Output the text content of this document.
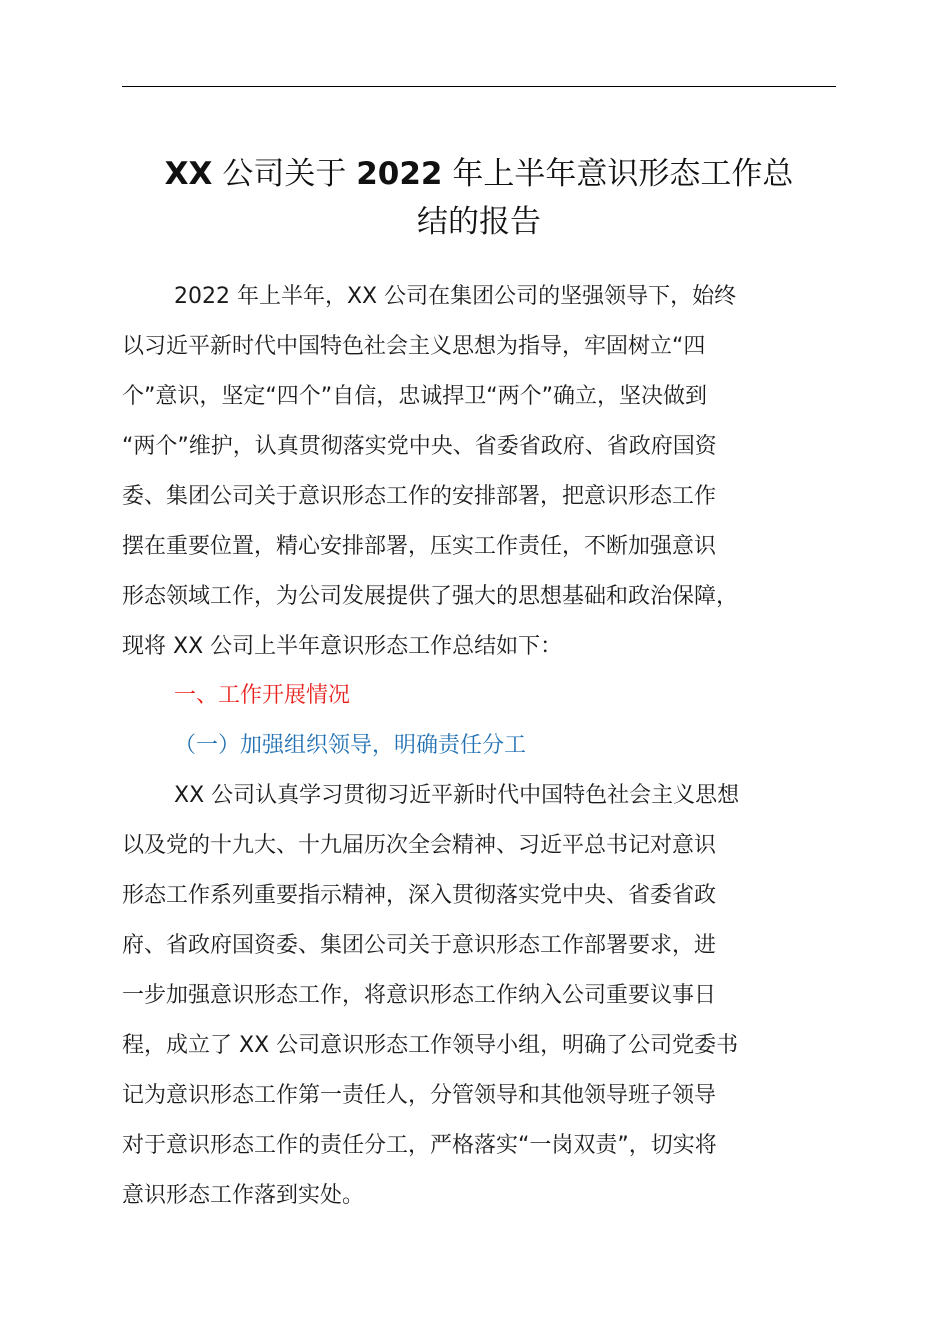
XX 公司关于 2022 年上半年意识形态工作总
结的报告
2022 年上半年，XX 公司在集团公司的坚强领导下，始终
以习近平新时代中国特色社会主义思想为指导，牢固树立“四
个”意识，坚定“四个”自信，忠诚捍卫“两个”确立，坚决做到
“两个”维护，认真贯彻落实党中央、省委省政府、省政府国资
委、集团公司关于意识形态工作的安排部署，把意识形态工作
摆在重要位置，精心安排部署，压实工作责任，不断加强意识
形态领域工作，为公司发展提供了强大的思想基础和政治保障，
现将 XX 公司上半年意识形态工作总结如下：
一、工作开展情况
（一）加强组织领导，明确责任分工
XX 公司认真学习贯彻习近平新时代中国特色社会主义思想
以及党的十九大、十九届历次全会精神、习近平总书记对意识
形态工作系列重要指示精神，深入贯彻落实党中央、省委省政
府、省政府国资委、集团公司关于意识形态工作部署要求，进
一步加强意识形态工作，将意识形态工作纳入公司重要议事日
程，成立了 XX 公司意识形态工作领导小组，明确了公司党委书
记为意识形态工作第一责任人，分管领导和其他领导班子领导
对于意识形态工作的责任分工，严格落实“一岗双责”，切实将
意识形态工作落到实处。
